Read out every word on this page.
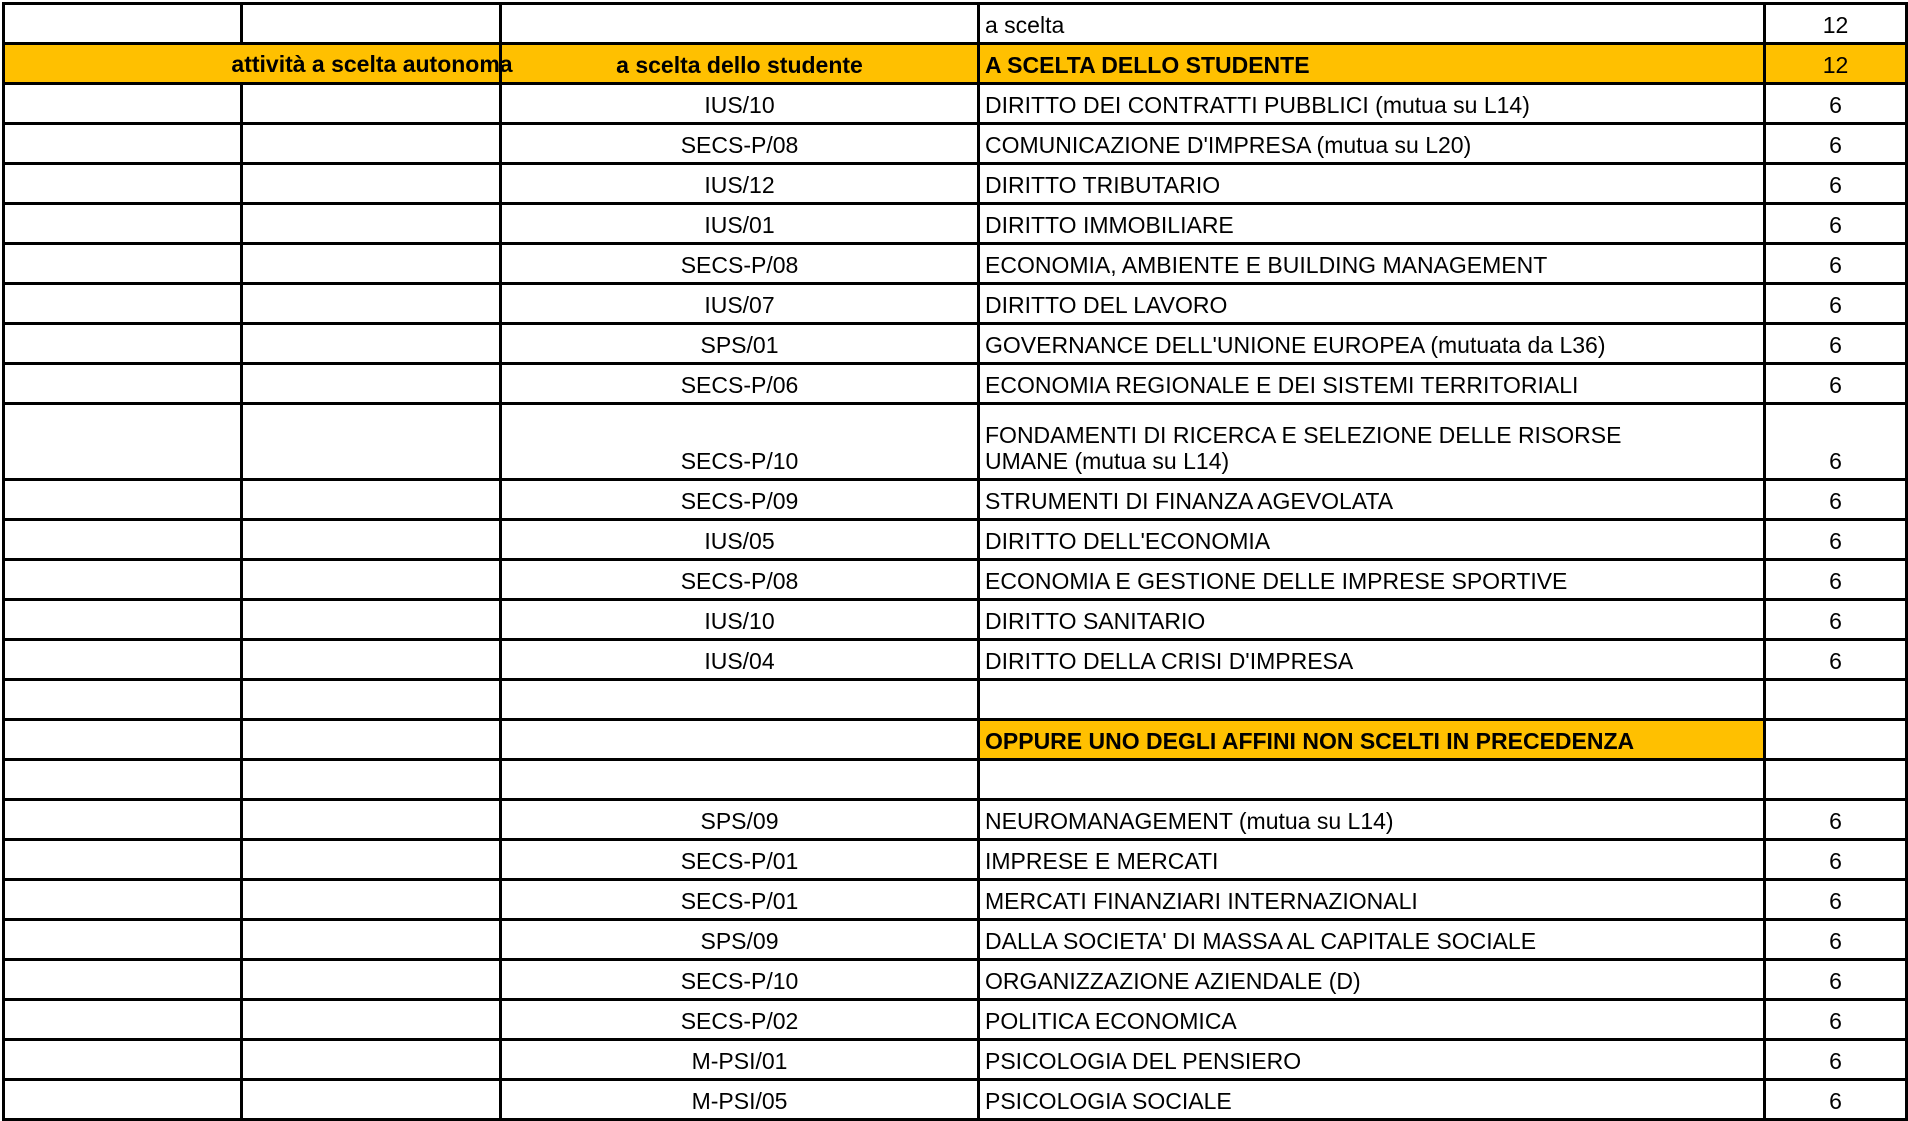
			a scelta	12

attività a scelta autonoma		a scelta dello studente	A SCELTA DELLO STUDENTE	12
		IUS/10	DIRITTO DEI CONTRATTI PUBBLICI (mutua su L14)	6
		SECS-P/08	COMUNICAZIONE D'IMPRESA (mutua su L20)	6
		IUS/12	DIRITTO TRIBUTARIO	6
		IUS/01	DIRITTO IMMOBILIARE	6
		SECS-P/08	ECONOMIA, AMBIENTE E BUILDING MANAGEMENT	6
		IUS/07	DIRITTO DEL LAVORO	6
		SPS/01	GOVERNANCE DELL'UNIONE EUROPEA (mutuata da L36)	6
		SECS-P/06	ECONOMIA REGIONALE E DEI SISTEMI TERRITORIALI	6
		SECS-P/10	FONDAMENTI DI RICERCA E SELEZIONE DELLE RISORSE
UMANE (mutua su L14)	6
		SECS-P/09	STRUMENTI DI FINANZA AGEVOLATA	6
		IUS/05	DIRITTO DELL'ECONOMIA	6
		SECS-P/08	ECONOMIA E GESTIONE DELLE IMPRESE SPORTIVE	6
		IUS/10	DIRITTO SANITARIO	6
		IUS/04	DIRITTO DELLA CRISI D'IMPRESA	6

			OPPURE UNO DEGLI AFFINI NON SCELTI IN PRECEDENZA	

		SPS/09	NEUROMANAGEMENT (mutua su L14)	6
		SECS-P/01	IMPRESE E MERCATI	6
		SECS-P/01	MERCATI FINANZIARI INTERNAZIONALI	6
		SPS/09	DALLA SOCIETA' DI MASSA AL CAPITALE SOCIALE	6
		SECS-P/10	ORGANIZZAZIONE AZIENDALE (D)	6
		SECS-P/02	POLITICA ECONOMICA	6
		M-PSI/01	PSICOLOGIA DEL PENSIERO	6
		M-PSI/05	PSICOLOGIA SOCIALE	6
